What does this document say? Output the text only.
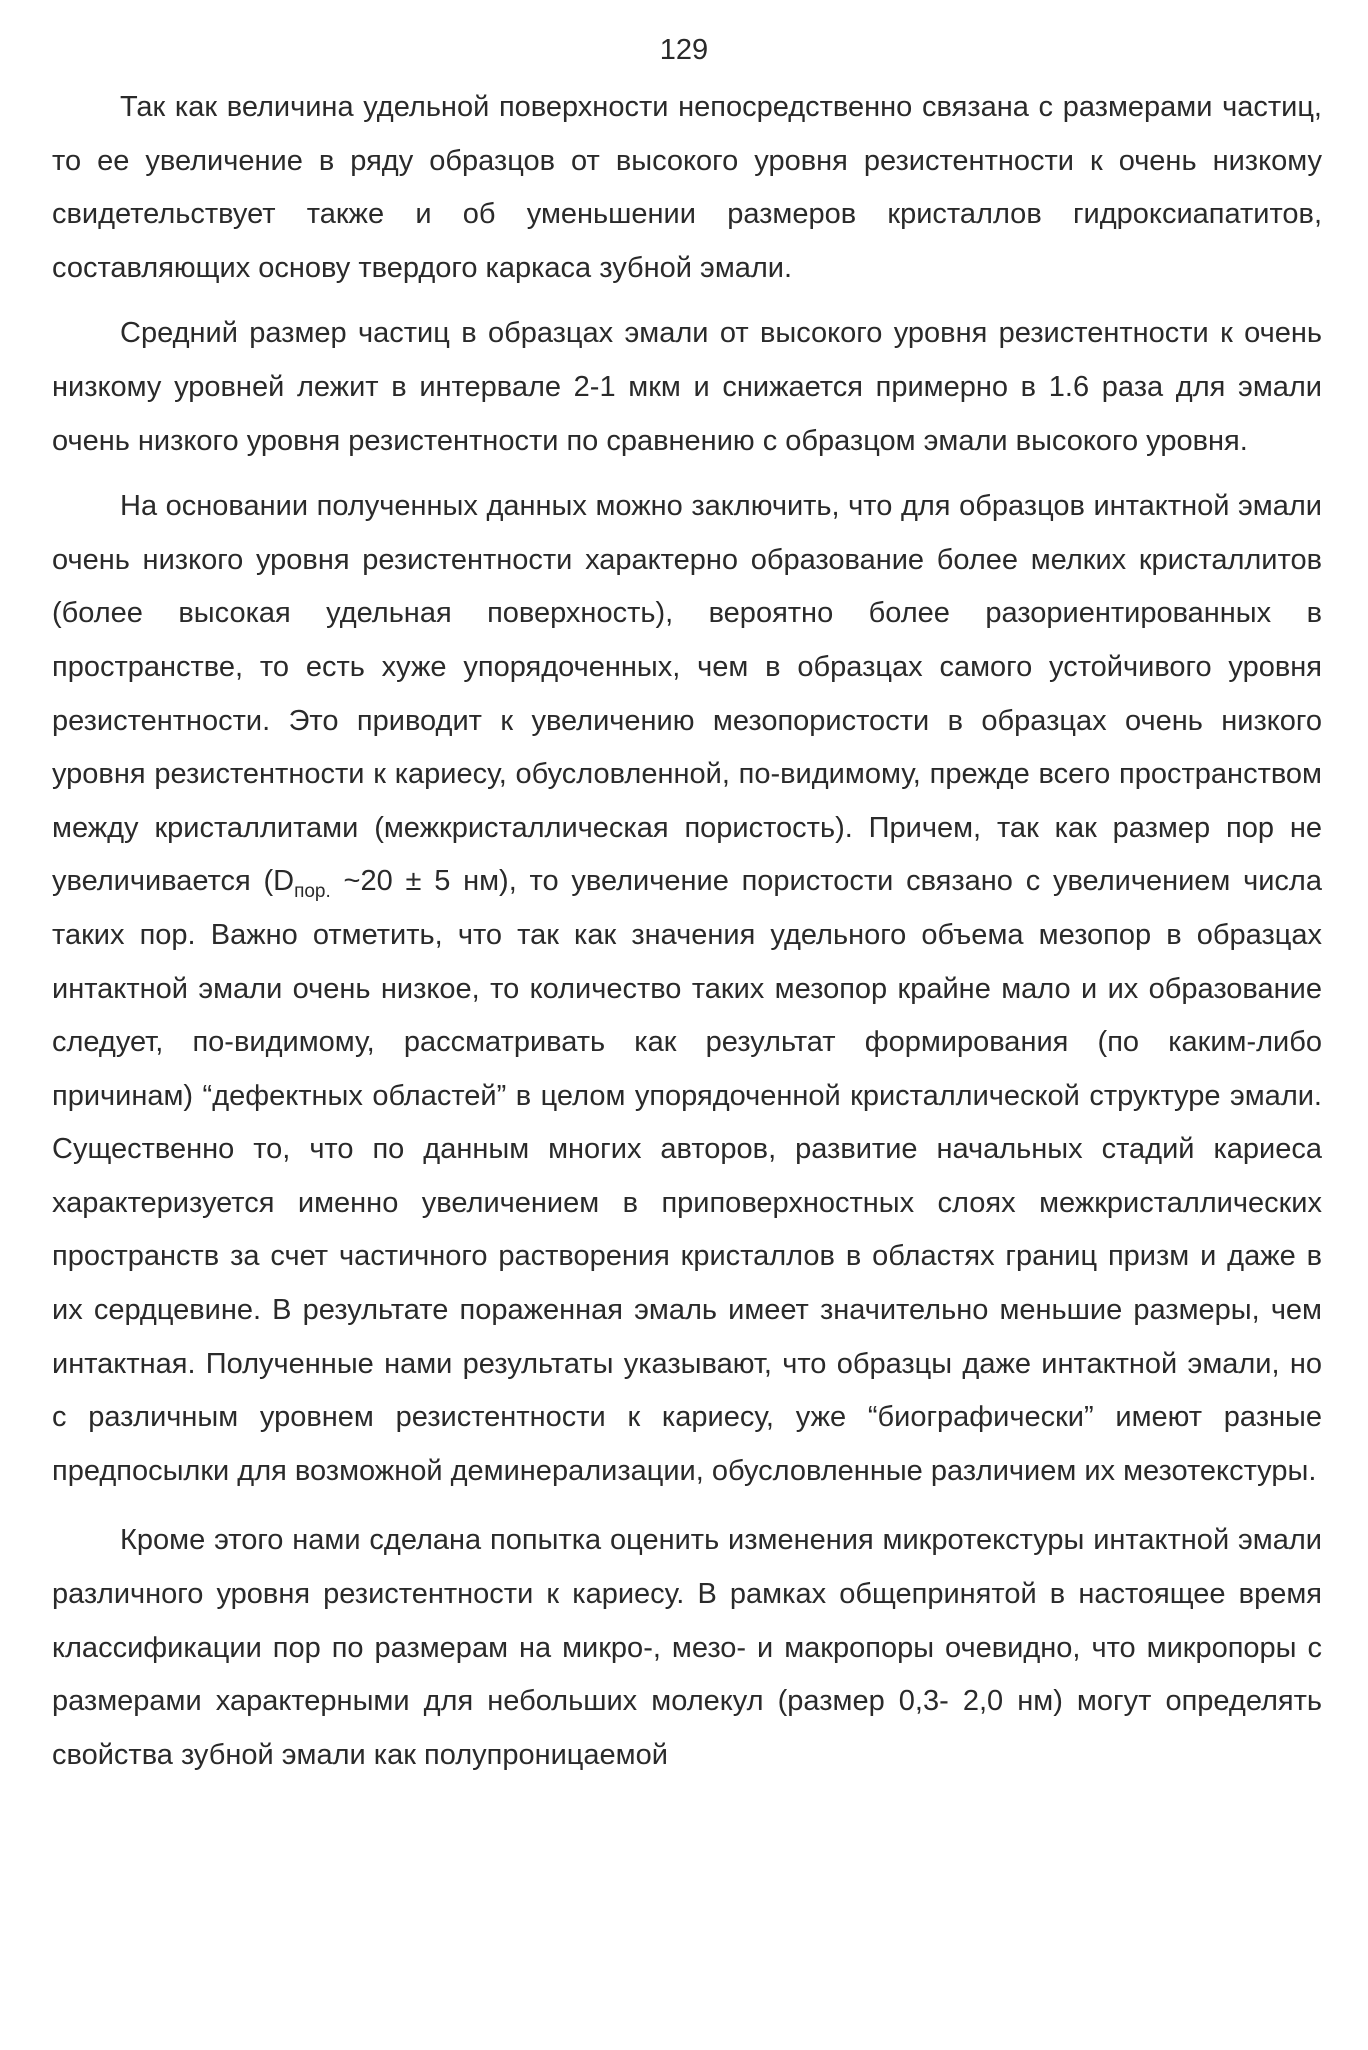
129

Так как величина удельной поверхности непосредственно связана с размерами частиц, то ее увеличение в ряду образцов от высокого уровня резистентности к очень низкому свидетельствует также и об уменьшении размеров кристаллов гидроксиапатитов, составляющих основу твердого каркаса зубной эмали.

Средний размер частиц в образцах эмали от высокого уровня резистентности к очень низкому уровней лежит в интервале 2-1 мкм и снижается примерно в 1.6 раза для эмали очень низкого уровня резистентности по сравнению с образцом эмали высокого уровня.

На основании полученных данных можно заключить, что для образцов интактной эмали очень низкого уровня резистентности характерно образование более мелких кристаллитов (более высокая удельная поверхность), вероятно более разориентированных в пространстве, то есть хуже упорядоченных, чем в образцах самого устойчивого уровня резистентности. Это приводит к увеличению мезопористости в образцах очень низкого уровня резистентности к кариесу, обусловленной, по-видимому, прежде всего пространством между кристаллитами (межкристаллическая пористость). Причем, так как размер пор не увеличивается ($D_{пор.}$ ~20 ± 5 нм), то увеличение пористости связано с увеличением числа таких пор. Важно отметить, что так как значения удельного объема мезопор в образцах интактной эмали очень низкое, то количество таких мезопор крайне мало и их образование следует, по-видимому, рассматривать как результат формирования (по каким-либо причинам) “дефектных областей” в целом упорядоченной кристаллической структуре эмали. Существенно то, что по данным многих авторов, развитие начальных стадий кариеса характеризуется именно увеличением в приповерхностных слоях межкристаллических пространств за счет частичного растворения кристаллов в областях границ призм и даже в их сердцевине. В результате пораженная эмаль имеет значительно меньшие размеры, чем интактная. Полученные нами результаты указывают, что образцы даже интактной эмали, но с различным уровнем резистентности к кариесу, уже “биографически” имеют разные предпосылки для возможной деминерализации, обусловленные различием их мезотекстуры.

Кроме этого нами сделана попытка оценить изменения микротекстуры интактной эмали различного уровня резистентности к кариесу. В рамках общепринятой в настоящее время классификации пор по размерам на микро-, мезо- и макропоры очевидно, что микропоры с размерами характерными для небольших молекул (размер 0,3- 2,0 нм) могут определять свойства зубной эмали как полупроницаемой
